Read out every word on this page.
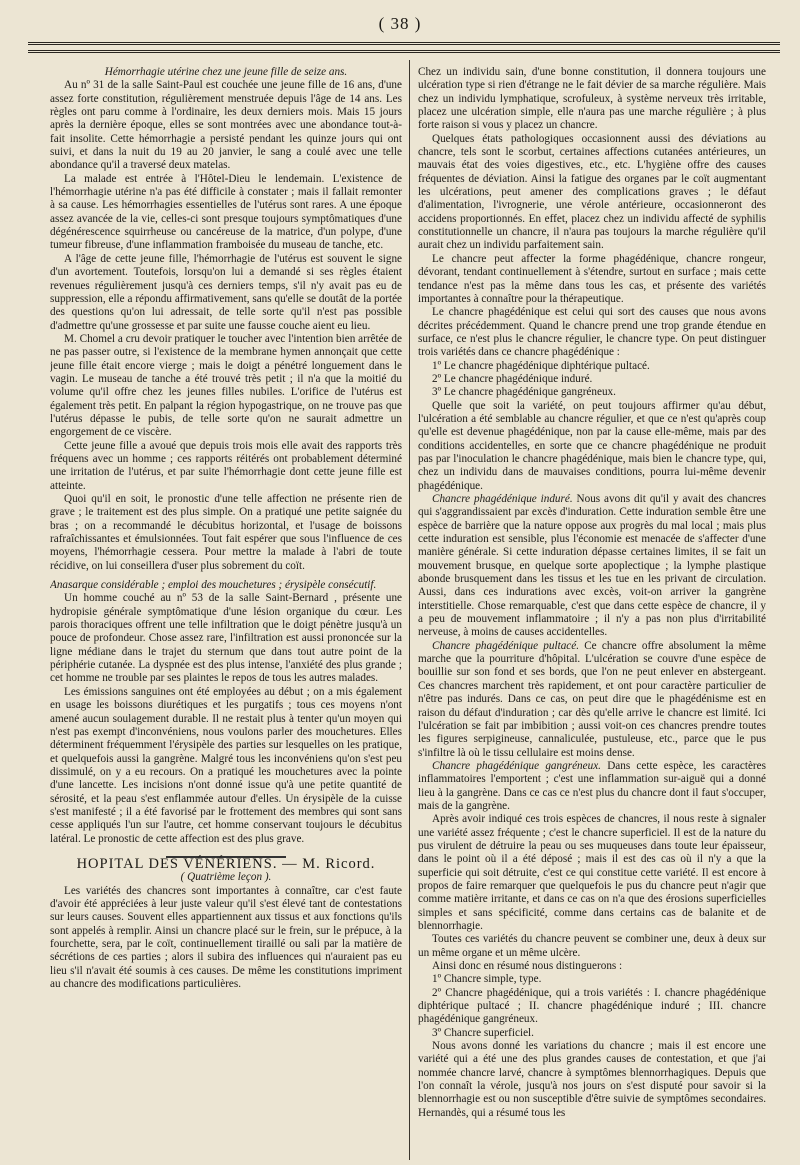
( 38 )

Hémorrhagie utérine chez une jeune fille de seize ans.

Au nº 31 de la salle Saint-Paul est couchée une jeune fille de 16 ans, d'une assez forte constitution, régulièrement menstruée depuis l'âge de 14 ans. Les règles ont paru comme à l'ordinaire, les deux derniers mois. Mais 15 jours après la dernière époque, elles se sont montrées avec une abondance tout-à-fait insolite. Cette hémorrhagie a persisté pendant les quinze jours qui ont suivi, et dans la nuit du 19 au 20 janvier, le sang a coulé avec une telle abondance qu'il a traversé deux matelas.

La malade est entrée à l'Hôtel-Dieu le lendemain. L'existence de l'hémorrhagie utérine n'a pas été difficile à constater ; mais il fallait remonter à sa cause. Les hémorrhagies essentielles de l'utérus sont rares. A une époque assez avancée de la vie, celles-ci sont presque toujours symptômatiques d'une dégénérescence squirrheuse ou cancéreuse de la matrice, d'un polype, d'une tumeur fibreuse, d'une inflammation framboisée du museau de tanche, etc.

A l'âge de cette jeune fille, l'hémorrhagie de l'utérus est souvent le signe d'un avortement. Toutefois, lorsqu'on lui a demandé si ses règles étaient revenues régulièrement jusqu'à ces derniers temps, s'il n'y avait pas eu de suppression, elle a répondu affirmativement, sans qu'elle se doutât de la portée des questions qu'on lui adressait, de telle sorte qu'il n'est pas possible d'admettre qu'une grossesse et par suite une fausse couche aient eu lieu.

M. Chomel a cru devoir pratiquer le toucher avec l'intention bien arrêtée de ne pas passer outre, si l'existence de la membrane hymen annonçait que cette jeune fille était encore vierge ; mais le doigt a pénétré longuement dans le vagin. Le museau de tanche a été trouvé très petit ; il n'a que la moitié du volume qu'il offre chez les jeunes filles nubiles. L'orifice de l'utérus est également très petit. En palpant la région hypogastrique, on ne trouve pas que l'utérus dépasse le pubis, de telle sorte qu'on ne saurait admettre un engorgement de ce viscère.

Cette jeune fille a avoué que depuis trois mois elle avait des rapports très fréquens avec un homme ; ces rapports réitérés ont probablement déterminé une irritation de l'utérus, et par suite l'hémorrhagie dont cette jeune fille est atteinte.

Quoi qu'il en soit, le pronostic d'une telle affection ne présente rien de grave ; le traitement est des plus simple. On a pratiqué une petite saignée du bras ; on a recommandé le décubitus horizontal, et l'usage de boissons rafraîchissantes et émulsionnées. Tout fait espérer que sous l'influence de ces moyens, l'hémorrhagie cessera. Pour mettre la malade à l'abri de toute récidive, on lui conseillera d'user plus sobrement du coït.

Anasarque considérable ; emploi des mouchetures ; érysipèle consécutif.

Un homme couché au nº 53 de la salle Saint-Bernard , présente une hydropisie générale symptômatique d'une lésion organique du cœur. Les parois thoraciques offrent une telle infiltration que le doigt pénètre jusqu'à un pouce de profondeur. Chose assez rare, l'infiltration est aussi prononcée sur la ligne médiane dans le trajet du sternum que dans tout autre point de la périphérie cutanée. La dyspnée est des plus intense, l'anxiété des plus grande ; cet homme ne trouble par ses plaintes le repos de tous les autres malades.

Les émissions sanguines ont été employées au début ; on a mis également en usage les boissons diurétiques et les purgatifs ; tous ces moyens n'ont amené aucun soulagement durable. Il ne restait plus à tenter qu'un moyen qui n'est pas exempt d'inconvéniens, nous voulons parler des mouchetures. Elles déterminent fréquemment l'érysipèle des parties sur lesquelles on les pratique, et quelquefois aussi la gangrène. Malgré tous les inconvéniens qu'on s'est peu dissimulé, on y a eu recours. On a pratiqué les mouchetures avec la pointe d'une lancette. Les incisions n'ont donné issue qu'à une petite quantité de sérosité, et la peau s'est enflammée autour d'elles. Un érysipèle de la cuisse s'est manifesté ; il a été favorisé par le frottement des membres qui sont sans cesse appliqués l'un sur l'autre, cet homme conservant toujours le décubitus latéral. Le pronostic de cette affection est des plus grave.

HOPITAL DES VÉNÉRIENS. — M. Ricord.

( Quatrième leçon ).

Les variétés des chancres sont importantes à connaître, car c'est faute d'avoir été appréciées à leur juste valeur qu'il s'est élevé tant de contestations sur leurs causes. Souvent elles appartiennent aux tissus et aux fonctions qu'ils sont appelés à remplir. Ainsi un chancre placé sur le frein, sur le prépuce, à la fourchette, sera, par le coït, continuellement tiraillé ou sali par la matière de sécrétions de ces parties ; alors il subira des influences qui n'auraient pas eu lieu s'il n'avait été soumis à ces causes. De même les constitutions impriment au chancre des modifications particulières.

Chez un individu sain, d'une bonne constitution, il donnera toujours une ulcération type si rien d'étrange ne le fait dévier de sa marche régulière. Mais chez un individu lymphatique, scrofuleux, à système nerveux très irritable, placez une ulcération simple, elle n'aura pas une marche régulière ; à plus forte raison si vous y placez un chancre.

Quelques états pathologiques occasionnent aussi des déviations au chancre, tels sont le scorbut, certaines affections cutanées antérieures, un mauvais état des voies digestives, etc., etc. L'hygiène offre des causes fréquentes de déviation. Ainsi la fatigue des organes par le coït augmentant les ulcérations, peut amener des complications graves ; le défaut d'alimentation, l'ivrognerie, une vérole antérieure, occasionneront des accidens proportionnés. En effet, placez chez un individu affecté de syphilis constitutionnelle un chancre, il n'aura pas toujours la marche régulière qu'il aurait chez un individu parfaitement sain.

Le chancre peut affecter la forme phagédénique, chancre rongeur, dévorant, tendant continuellement à s'étendre, surtout en surface ; mais cette tendance n'est pas la même dans tous les cas, et présente des variétés importantes à connaître pour la thérapeutique.

Le chancre phagédénique est celui qui sort des causes que nous avons décrites précédemment. Quand le chancre prend une trop grande étendue en surface, ce n'est plus le chancre régulier, le chancre type. On peut distinguer trois variétés dans ce chancre phagédénique :

1º Le chancre phagédénique diphtérique pultacé.

2º Le chancre phagédénique induré.

3º Le chancre phagédénique gangréneux.

Quelle que soit la variété, on peut toujours affirmer qu'au début, l'ulcération a été semblable au chancre régulier, et que ce n'est qu'après coup qu'elle est devenue phagédénique, non par la cause elle-même, mais par des conditions accidentelles, en sorte que ce chancre phagédénique ne produit pas par l'inoculation le chancre phagédénique, mais bien le chancre type, qui, chez un individu dans de mauvaises conditions, pourra lui-même devenir phagédénique.

Chancre phagédénique induré. Nous avons dit qu'il y avait des chancres qui s'aggrandissaient par excès d'induration. Cette induration semble être une espèce de barrière que la nature oppose aux progrès du mal local ; mais plus cette induration est sensible, plus l'économie est menacée de s'affecter d'une manière générale. Si cette induration dépasse certaines limites, il se fait un mouvement brusque, en quelque sorte apoplectique ; la lymphe plastique abonde brusquement dans les tissus et les tue en les privant de circulation. Aussi, dans ces indurations avec excès, voit-on arriver la gangrène interstitielle. Chose remarquable, c'est que dans cette espèce de chancre, il y a peu de mouvement inflammatoire ; il n'y a pas non plus d'irritabilité nerveuse, à moins de causes accidentelles.

Chancre phagédénique pultacé. Ce chancre offre absolument la même marche que la pourriture d'hôpital. L'ulcération se couvre d'une espèce de bouillie sur son fond et ses bords, que l'on ne peut enlever en abstergeant. Ces chancres marchent très rapidement, et ont pour caractère particulier de n'être pas indurés. Dans ce cas, on peut dire que le phagédénisme est en raison du défaut d'induration ; car dès qu'elle arrive le chancre est limité. Ici l'ulcération se fait par imbibition ; aussi voit-on ces chancres prendre toutes les figures serpigineuse, cannaliculée, pustuleuse, etc., parce que le pus s'infiltre là où le tissu cellulaire est moins dense.

Chancre phagédénique gangréneux. Dans cette espèce, les caractères inflammatoires l'emportent ; c'est une inflammation sur-aiguë qui a donné lieu à la gangrène. Dans ce cas ce n'est plus du chancre dont il faut s'occuper, mais de la gangrène.

Après avoir indiqué ces trois espèces de chancres, il nous reste à signaler une variété assez fréquente ; c'est le chancre superficiel. Il est de la nature du pus virulent de détruire la peau ou ses muqueuses dans toute leur épaisseur, dans le point où il a été déposé ; mais il est des cas où il n'y a que la superficie qui soit détruite, c'est ce qui constitue cette variété. Il est encore à propos de faire remarquer que quelquefois le pus du chancre peut n'agir que comme matière irritante, et dans ce cas on n'a que des érosions superficielles simples et sans spécificité, comme dans certains cas de balanite et de blennorrhagie.

Toutes ces variétés du chancre peuvent se combiner une, deux à deux sur un même organe et un même ulcère.

Ainsi donc en résumé nous distinguerons :

1º Chancre simple, type.

2º Chancre phagédénique, qui a trois variétés : I. chancre phagédénique diphtérique pultacé ; II. chancre phagédénique induré ; III. chancre phagédénique gangréneux.

3º Chancre superficiel.

Nous avons donné les variations du chancre ; mais il est encore une variété qui a été une des plus grandes causes de contestation, et que j'ai nommée chancre larvé, chancre à symptômes blennorrhagiques. Depuis que l'on connaît la vérole, jusqu'à nos jours on s'est disputé pour savoir si la blennorrhagie est ou non susceptible d'être suivie de symptômes secondaires. Hernandès, qui a résumé tous les
